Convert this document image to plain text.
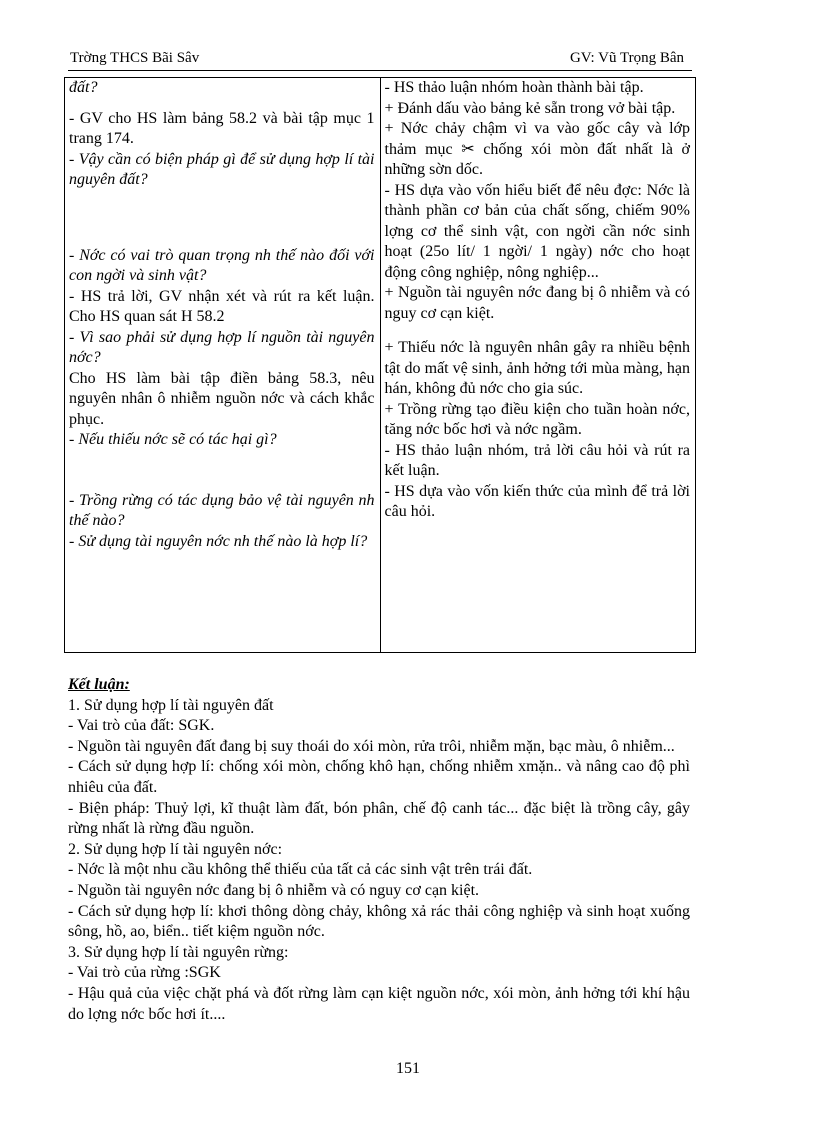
Trờng THCS Bãi Sâv	GV: Vũ Trọng Bân

đất?

- GV cho HS làm bảng 58.2 và bài tập mục 1 trang 174.

- Vậy cần có biện pháp gì để sử dụng hợp lí tài nguyên đất?

- Nớc có vai trò quan trọng nh thế nào đối với con ngời và sinh vật?

- HS trả lời, GV nhận xét và rút ra kết luận. Cho HS quan sát H 58.2

- Vì sao phải sử dụng hợp lí nguồn tài nguyên nớc?

Cho HS làm bài tập điền bảng 58.3, nêu nguyên nhân ô nhiễm nguồn nớc và cách khắc phục.

- Nếu thiếu nớc sẽ có tác hại gì?

- Trồng rừng có tác dụng bảo vệ tài nguyên nh thế nào?

- Sử dụng tài nguyên nớc nh thế nào là hợp lí?

- HS thảo luận nhóm hoàn thành bài tập.

+ Đánh dấu vào bảng kẻ sẵn trong vở bài tập.

+ Nớc chảy chậm vì va vào gốc cây và lớp thảm mục ✂ chống xói mòn đất nhất là ở những sờn dốc.

- HS dựa vào vốn hiểu biết để nêu đợc: Nớc là thành phần cơ bản của chất sống, chiếm 90% lợng cơ thể sinh vật, con ngời cần nớc sinh hoạt (25o lít/ 1 ngời/ 1 ngày) nớc cho hoạt động công nghiệp, nông nghiệp...

+ Nguồn tài nguyên nớc đang bị ô nhiễm và có nguy cơ cạn kiệt.

+ Thiếu nớc là nguyên nhân gây ra nhiều bệnh tật do mất vệ sinh, ảnh hởng tới mùa màng, hạn hán, không đủ nớc cho gia súc.

+ Trồng rừng tạo điều kiện cho tuần hoàn nớc, tăng nớc bốc hơi và nớc ngầm.

- HS thảo luận nhóm, trả lời câu hỏi và rút ra kết luận.

- HS dựa vào vốn kiến thức của mình để trả lời câu hỏi.

Kết luận:
1. Sử dụng hợp lí tài nguyên đất
- Vai trò của đất: SGK.
- Nguồn tài nguyên đất đang bị suy thoái do xói mòn, rửa trôi, nhiễm mặn, bạc màu, ô nhiễm...
- Cách sử dụng hợp lí: chống xói mòn, chống khô hạn, chống nhiễm xmặn.. và nâng cao độ phì nhiêu của đất.
- Biện pháp: Thuỷ lợi, kĩ thuật làm đất, bón phân, chế độ canh tác... đặc biệt là trồng cây, gây rừng nhất là rừng đầu nguồn.
2. Sử dụng hợp lí tài nguyên nớc:
- Nớc là một nhu cầu không thể thiếu của tất cả các sinh vật trên trái đất.
- Nguồn tài nguyên nớc đang bị ô nhiễm và có nguy cơ cạn kiệt.
- Cách sử dụng hợp lí: khơi thông dòng chảy, không xả rác thải công nghiệp và sinh hoạt xuống sông, hồ, ao, biển.. tiết kiệm nguồn nớc.
3. Sử dụng hợp lí tài nguyên rừng:
- Vai trò của rừng :SGK
- Hậu quả của việc chặt phá và đốt rừng làm cạn kiệt nguồn nớc, xói mòn, ảnh hởng tới khí hậu do lợng nớc bốc hơi ít....
151
